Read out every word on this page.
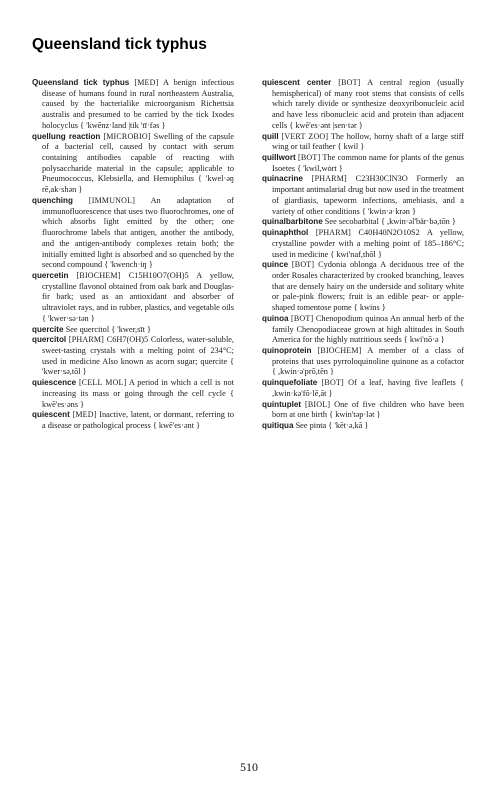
Queensland tick typhus

Queensland tick typhus [MED] A benign infectious disease of humans found in rural northeastern Australia, caused by the bacterialike microorganism Richettsia australis and presumed to be carried by the tick Ixodes holocyclus { 'kwēnz·land |tik 'tī·fəs }

quellung reaction [MICROBIO] Swelling of the capsule of a bacterial cell, caused by contact with serum containing antibodies capable of reacting with polysaccharide material in the capsule; applicable to Pneumococcus, Klebsiella, and Hemophilus { 'kwel·əŋ rē,ak·shən }

quenching [IMMUNOL] An adaptation of immunofluorescence that uses two fluorochromes, one of which absorbs light emitted by the other; one fluorochrome labels that antigen, another the antibody, and the antigen-antibody complexes retain both; the initially emitted light is absorbed and so quenched by the second compound { 'kwench·iŋ }

quercetin [BIOCHEM] C15H10O7(OH)5 A yellow, crystalline flavonol obtained from oak bark and Douglas-fir bark; used as an antioxidant and absorber of ultraviolet rays, and in rubber, plastics, and vegetable oils { 'kwer·sə·tən }

quercite See quercitol { 'kwer,sīt }

quercitol [PHARM] C6H7(OH)5 Colorless, water-soluble, sweet-tasting crystals with a melting point of 234°C; used in medicine Also known as acorn sugar; quercite { 'kwer·sə,tōl }

quiescence [CELL MOL] A period in which a cell is not increasing its mass or going through the cell cycle { kwē'es·əns }

quiescent [MED] Inactive, latent, or dormant, referring to a disease or pathological process { kwē'es·ənt }

quiescent center [BOT] A central region (usually hemispherical) of many root stems that consists of cells which rarely divide or synthesize deoxyribonucleic acid and have less ribonucleic acid and protein than adjacent cells { kwē'es·ənt |sen·tər }

quill [VERT ZOO] The hollow, horny shaft of a large stiff wing or tail feather { kwil }

quillwort [BOT] The common name for plants of the genus Isoetes { 'kwil,wȯrt }

quinacrine [PHARM] C23H30ClN3O Formerly an important antimalarial drug but now used in the treatment of giardiasis, tapeworm infections, amebiasis, and a variety of other conditions { 'kwin·ə·krən }

quinalbarbitone See secobarbital { ,kwin·əl'bär·bə,tōn }

quinaphthol [PHARM] C40H40N2O10S2 A yellow, crystalline powder with a melting point of 185–186°C; used in medicine { kwi'naf,thōl }

quince [BOT] Cydonia oblonga A deciduous tree of the order Rosales characterized by crooked branching, leaves that are densely hairy on the underside and solitary white or pale-pink flowers; fruit is an edible pear- or apple-shaped tomentose pome { kwins }

quinoa [BOT] Chenopodium quinoa An annual herb of the family Chenopodiaceae grown at high altitudes in South America for the highly nutritious seeds { kwi'nō·ə }

quinoprotein [BIOCHEM] A member of a class of proteins that uses pyrroloquinoline quinone as a cofactor { ,kwin·ə'prō,tēn }

quinquefoliate [BOT] Of a leaf, having five leaflets { ,kwin·kə'fō·lē,āt }

quintuplet [BIOL] One of five children who have been born at one birth { kwin'təp·lət }

quitiqua See pinta { 'kēt·ə,kā }

510
